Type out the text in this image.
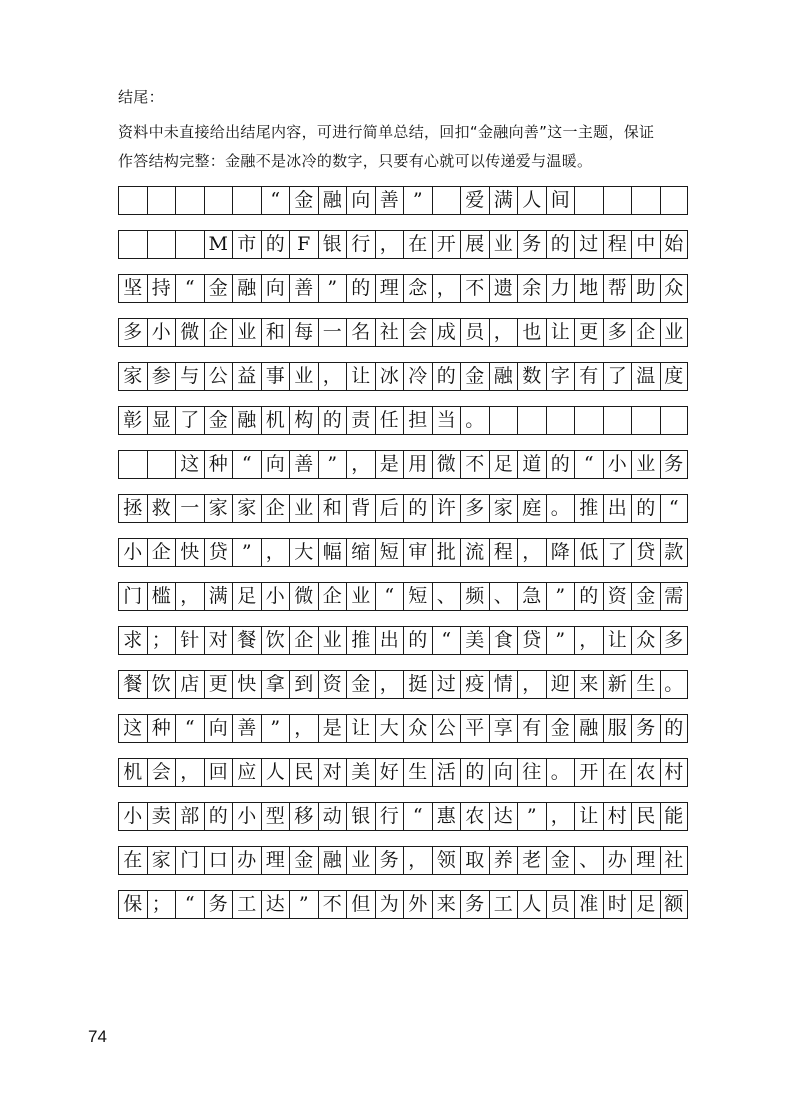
结尾：
资料中未直接给出结尾内容，可进行简单总结，回扣“金融向善”这一主题，保证
作答结构完整：金融不是冰冷的数字，只要有心就可以传递爱与温暖。
“ 金 融 向 善 ”	爱 满 人 间
M 市 的 F 银 行 ， 在 开 展 业 务 的 过 程 中 始
坚 持 “ 金 融 向 善 ” 的 理 念 ， 不 遗 余 力 地 帮 助 众
多 小 微 企 业 和 每 一 名 社 会 成 员 ， 也 让 更 多 企 业
家 参 与 公 益 事 业 ， 让 冰 冷 的 金 融 数 字 有 了 温 度
彰 显 了 金 融 机 构 的 责 任 担 当 。
这 种 “ 向 善 ” ， 是 用 微 不 足 道 的 “ 小 业 务
拯 救 一 家 家 企 业 和 背 后 的 许 多 家 庭 。 推 出 的 “
小 企 快 贷 ” ， 大 幅 缩 短 审 批 流 程 ， 降 低 了 贷 款
门 槛 ， 满 足 小 微 企 业 “ 短 、 频 、 急 ” 的 资 金 需
求 ； 针 对 餐 饮 企 业 推 出 的 “ 美 食 贷 ” ， 让 众 多
餐 饮 店 更 快 拿 到 资 金 ， 挺 过 疫 情 ， 迎 来 新 生 。
这 种 “ 向 善 ” ， 是 让 大 众 公 平 享 有 金 融 服 务 的
机 会 ， 回 应 人 民 对 美 好 生 活 的 向 往 。 开 在 农 村
小 卖 部 的 小 型 移 动 银 行 “ 惠 农 达 ” ， 让 村 民 能
在 家 门 口 办 理 金 融 业 务 ， 领 取 养 老 金 、 办 理 社
保 ； “ 务 工 达 ” 不 但 为 外 来 务 工 人 员 准 时 足 额
74
